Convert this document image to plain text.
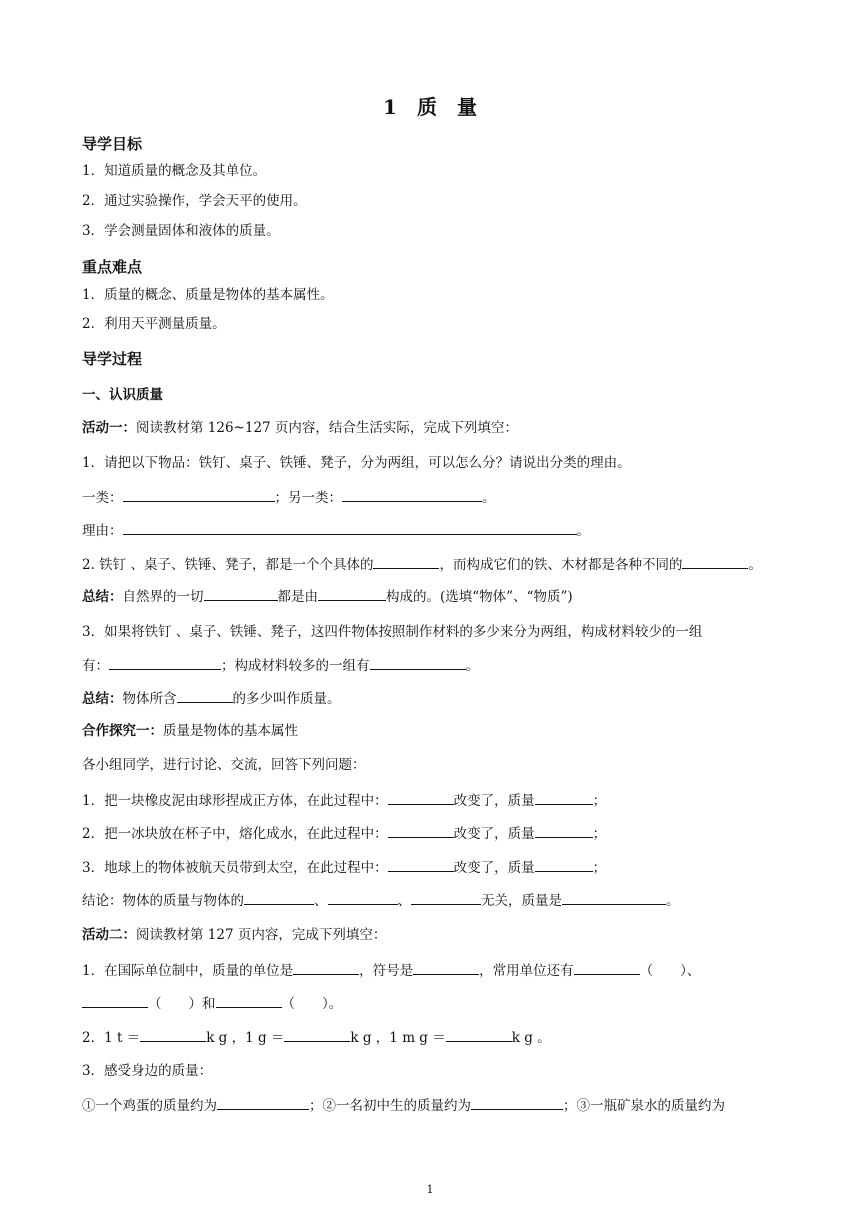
1　质　量
导学目标
1．知道质量的概念及其单位。
2．通过实验操作，学会天平的使用。
3．学会测量固体和液体的质量。
重点难点
1．质量的概念、质量是物体的基本属性。
2．利用天平测量质量。
导学过程
一、认识质量
活动一：阅读教材第 126~127 页内容，结合生活实际，完成下列填空：
1．请把以下物品：铁钉、桌子、铁锤、凳子，分为两组，可以怎么分？请说出分类的理由。
一类：	；另一类：	。
理由：	。
2. 铁钉 、桌子、铁锤、凳子，都是一个个具体的	，而构成它们的铁、木材都是各种不同的	。
总结：自然界的一切	都是由	构成的。(选填“物体”、“物质”)
3．如果将铁钉 、桌子、铁锤、凳子，这四件物体按照制作材料的多少来分为两组，构成材料较少的一组
有：	；构成材料较多的一组有	。
总结：物体所含	的多少叫作质量。
合作探究一：质量是物体的基本属性
各小组同学，进行讨论、交流，回答下列问题：
1．把一块橡皮泥由球形捏成正方体，在此过程中：	改变了，质量	；
2．把一冰块放在杯子中，熔化成水，在此过程中：	改变了，质量	；
3．地球上的物体被航天员带到太空，在此过程中：	改变了，质量	；
结论：物体的质量与物体的	、	、	无关，质量是	。
活动二：阅读教材第 127 页内容，完成下列填空：
1．在国际单位制中，质量的单位是	，符号是	，常用单位还有	（　　）、
（　　）和	（　　）。
2．1 t ＝	k g ，1 g ＝	k g ，1 m g ＝	k g 。
3．感受身边的质量：
①一个鸡蛋的质量约为	；②一名初中生的质量约为	；③一瓶矿泉水的质量约为
1
